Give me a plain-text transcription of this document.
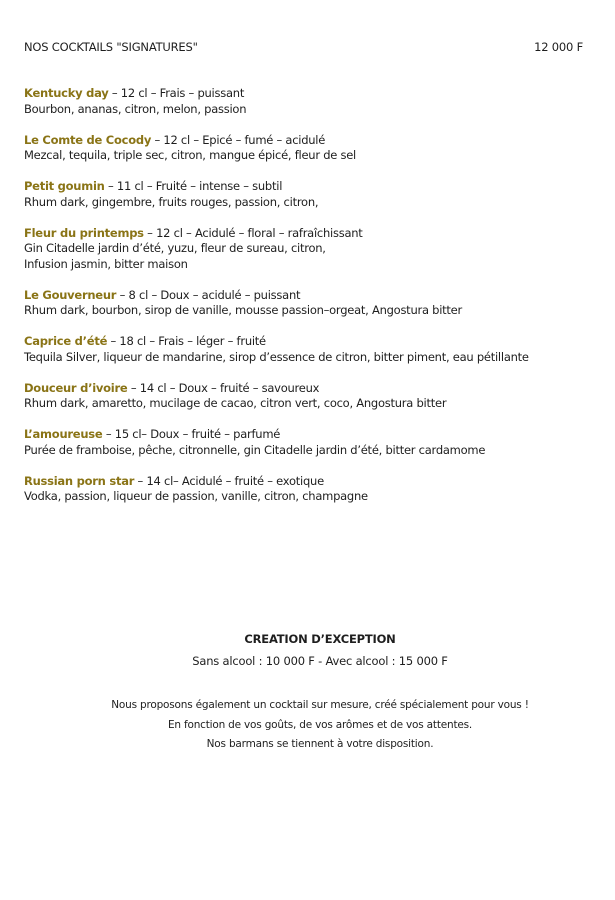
NOS COCKTAILS "SIGNATURES"	12 000 F
Kentucky day – 12 cl – Frais – puissant
Bourbon, ananas, citron, melon, passion
Le Comte de Cocody – 12 cl – Epicé – fumé – acidulé
Mezcal, tequila, triple sec, citron, mangue épicé, fleur de sel
Petit goumin – 11 cl – Fruité – intense – subtil
Rhum dark, gingembre, fruits rouges, passion, citron,
Fleur du printemps – 12 cl – Acidulé – floral – rafraîchissant
Gin Citadelle jardin d’été, yuzu, fleur de sureau, citron,
Infusion jasmin, bitter maison
Le Gouverneur – 8 cl – Doux – acidulé – puissant
Rhum dark, bourbon, sirop de vanille, mousse passion–orgeat, Angostura bitter
Caprice d’été – 18 cl – Frais – léger – fruité
Tequila Silver, liqueur de mandarine, sirop d’essence de citron, bitter piment, eau pétillante
Douceur d’ivoire – 14 cl – Doux – fruité – savoureux
Rhum dark, amaretto, mucilage de cacao, citron vert, coco, Angostura bitter
L’amoureuse – 15 cl– Doux – fruité – parfumé
Purée de framboise, pêche, citronnelle, gin Citadelle jardin d’été, bitter cardamome
Russian porn star – 14 cl– Acidulé – fruité – exotique
Vodka, passion, liqueur de passion, vanille, citron, champagne
CREATION D’EXCEPTION
Sans alcool : 10 000 F - Avec alcool : 15 000 F
Nous proposons également un cocktail sur mesure, créé spécialement pour vous !
En fonction de vos goûts, de vos arômes et de vos attentes.
Nos barmans se tiennent à votre disposition.
